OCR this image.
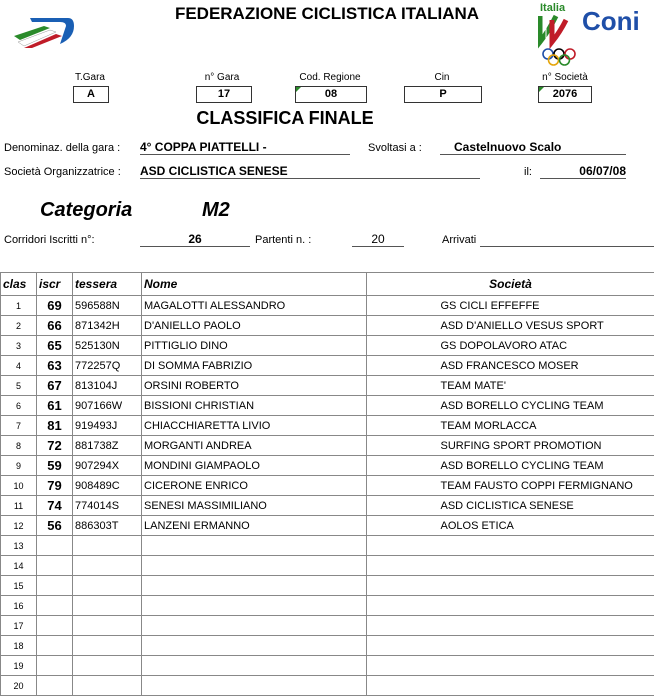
FEDERAZIONE CICLISTICA ITALIANA	Italia Coni
T.Gara
A
n° Gara
17
Cod. Regione
08
Cin
P
n° Società
2076
CLASSIFICA FINALE
Denominaz. della gara : 4° COPPA PIATTELLI -	Svoltasi a :	Castelnuovo Scalo
Società Organizzatrice : ASD CICLISTICA SENESE	il:	06/07/08
Categoria	M2
Corridori Iscritti n°:	26	Partenti n. :	20	Arrivati
clas	iscr	tessera	Nome	Società	
1	69	596588N	MAGALOTTI ALESSANDRO		GS CICLI EFFEFFE
2	66	871342H	D'ANIELLO PAOLO		ASD D'ANIELLO VESUS SPORT
3	65	525130N	PITTIGLIO DINO		GS DOPOLAVORO ATAC
4	63	772257Q	DI SOMMA FABRIZIO		ASD FRANCESCO MOSER
5	67	813104J	ORSINI ROBERTO		TEAM MATE'
6	61	907166W	BISSIONI CHRISTIAN		ASD BORELLO CYCLING TEAM
7	81	919493J	CHIACCHIARETTA LIVIO		TEAM MORLACCA
8	72	881738Z	MORGANTI ANDREA		SURFING SPORT PROMOTION
9	59	907294X	MONDINI GIAMPAOLO		ASD BORELLO CYCLING TEAM
10	79	908489C	CICERONE ENRICO		TEAM FAUSTO COPPI FERMIGNANO
11	74	774014S	SENESI MASSIMILIANO		ASD CICLISTICA SENESE
12	56	886303T	LANZENI ERMANNO		AOLOS ETICA
13					
14					
15					
16					
17					
18					
19					
20					
